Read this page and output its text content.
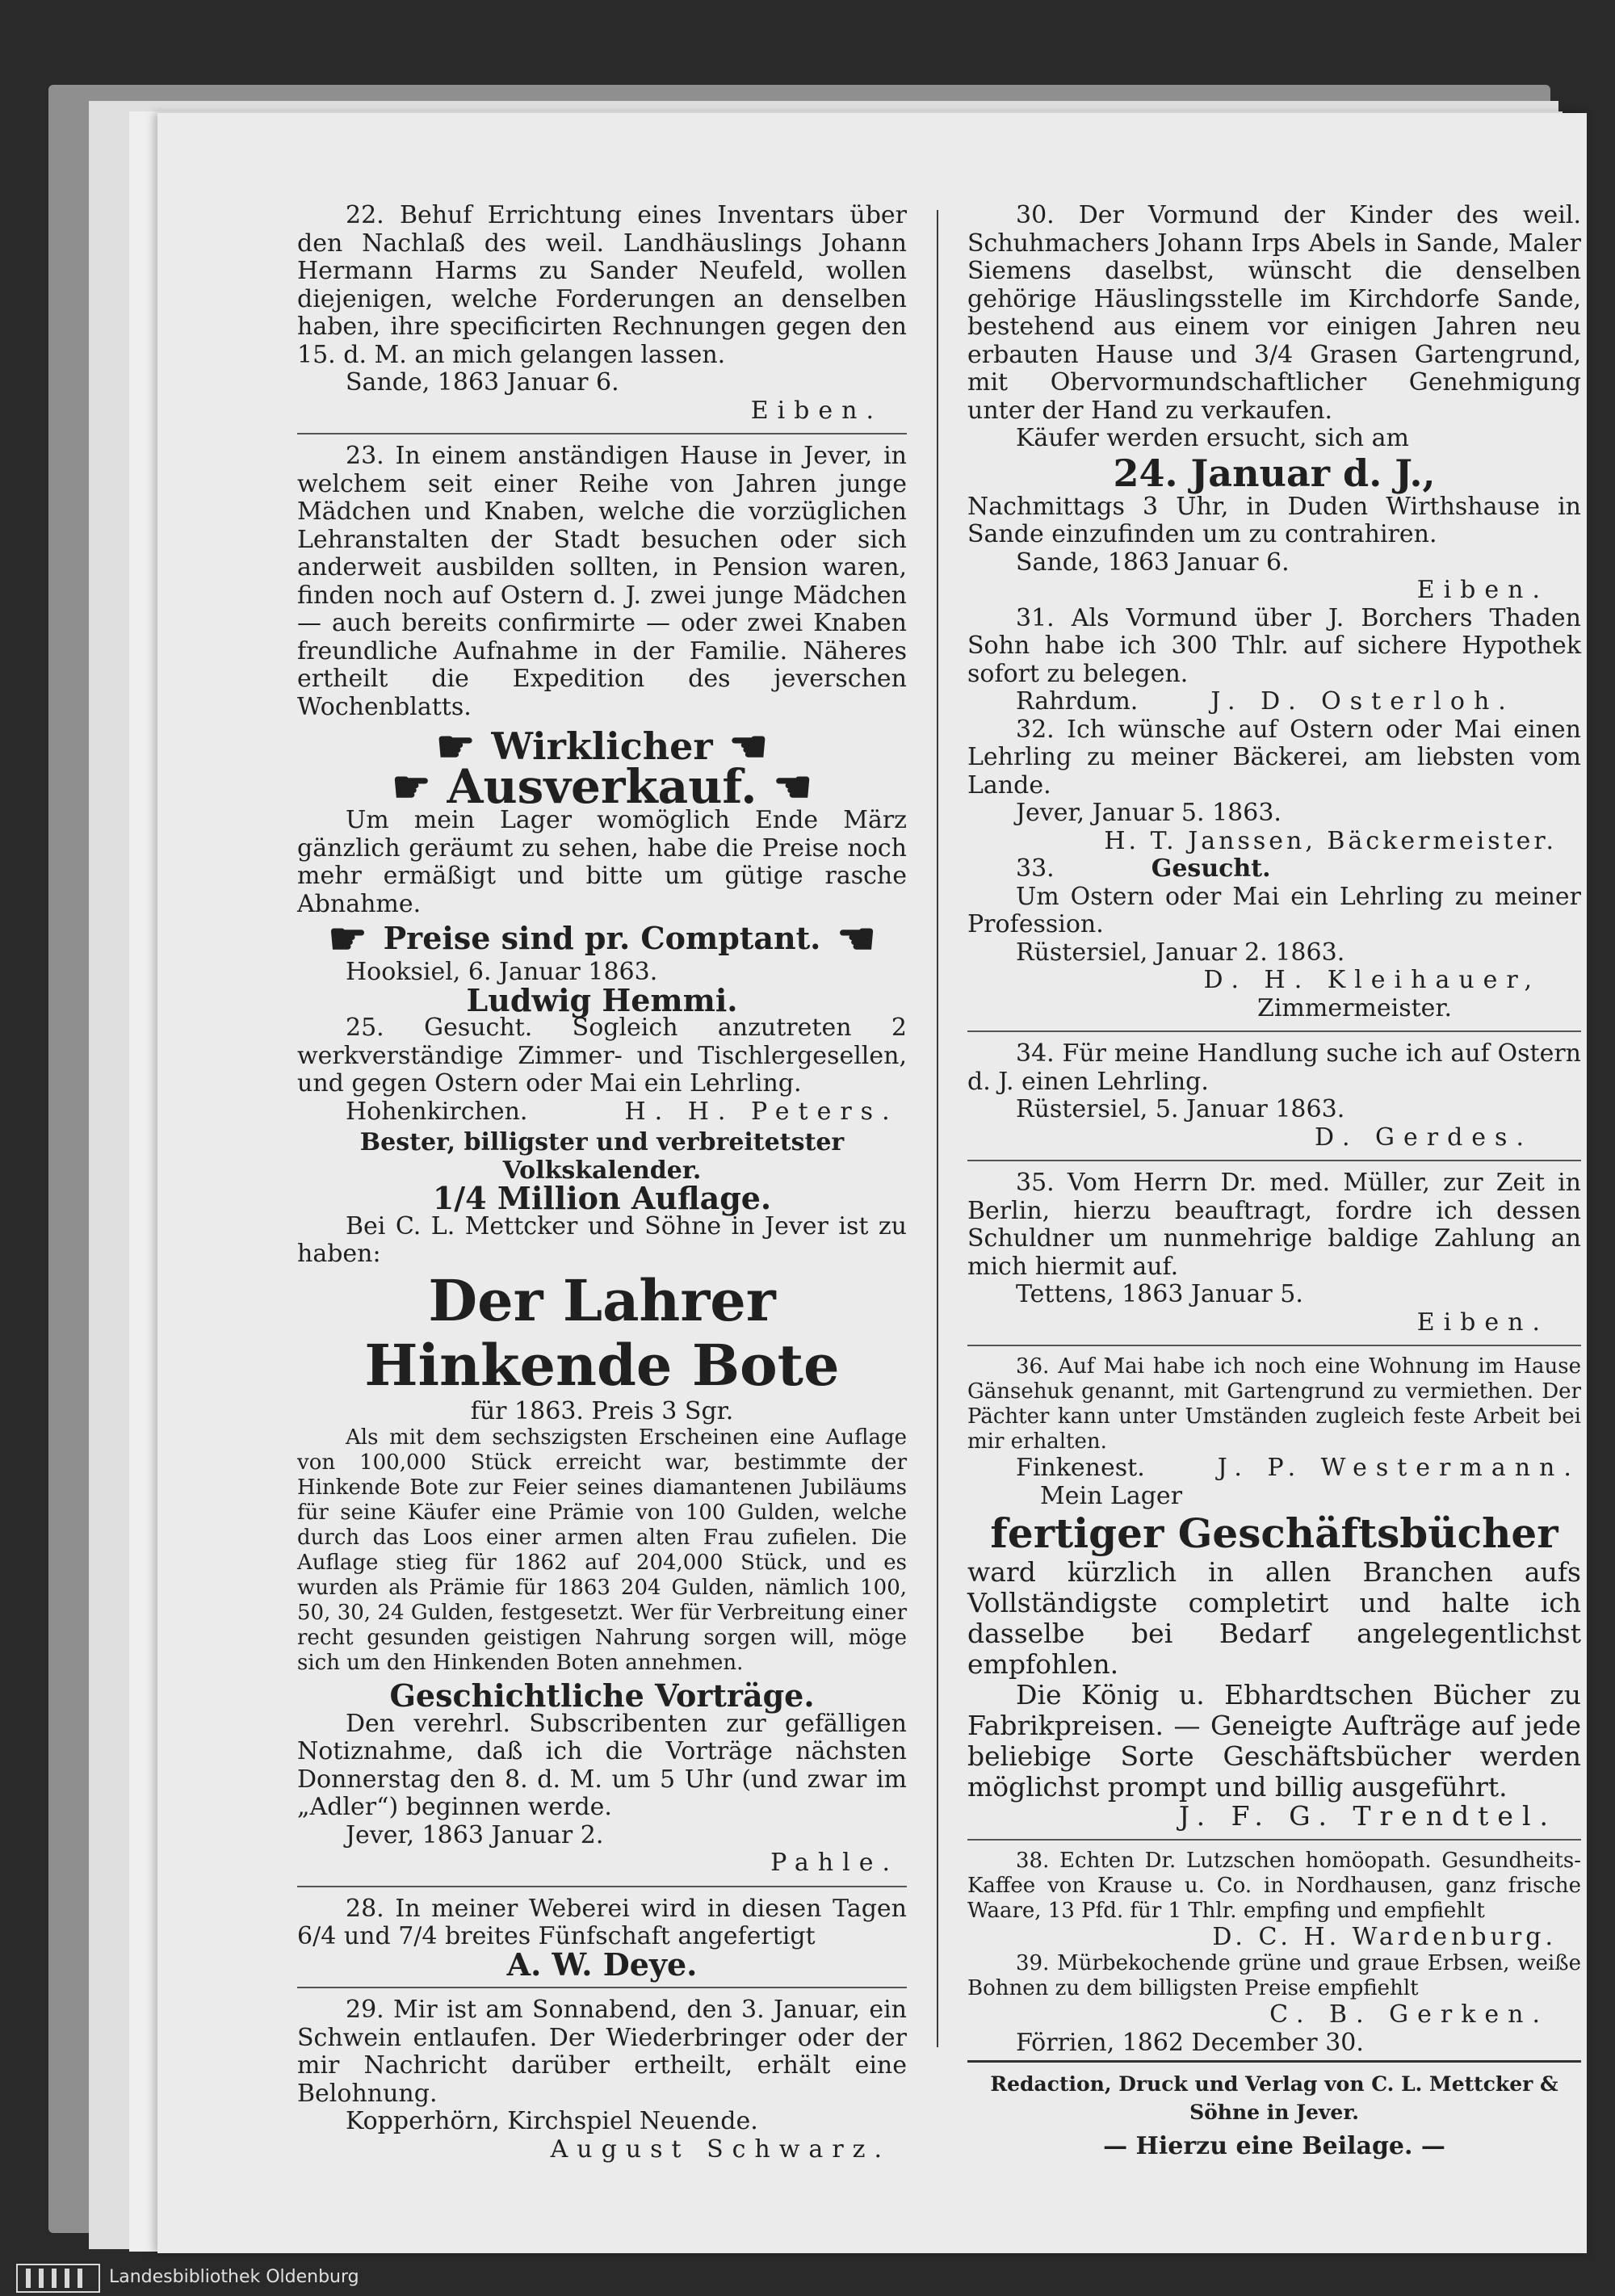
22. Behuf Errichtung eines Inventars über den Nachlaß des weil. Landhäuslings Johann Hermann Harms zu Sander Neufeld, wollen diejenigen, welche Forderungen an denselben haben, ihre specificirten Rechnungen gegen den 15. d. M. an mich gelangen lassen.

Sande, 1863 Januar 6.

Eiben.

23. In einem anständigen Hause in Jever, in welchem seit einer Reihe von Jahren junge Mädchen und Knaben, welche die vorzüglichen Lehranstalten der Stadt besuchen oder sich anderweit ausbilden sollten, in Pension waren, finden noch auf Ostern d. J. zwei junge Mädchen — auch bereits confirmirte — oder zwei Knaben freundliche Aufnahme in der Familie. Näheres ertheilt die Expedition des jeverschen Wochenblatts.

☛ Wirklicher ☚
☛ Ausverkauf. ☚

Um mein Lager womöglich Ende März gänzlich geräumt zu sehen, habe die Preise noch mehr ermäßigt und bitte um gütige rasche Abnahme.

☛ Preise sind pr. Comptant. ☚

Hooksiel, 6. Januar 1863.

Ludwig Hemmi.

25. Gesucht. Sogleich anzutreten 2 werkverständige Zimmer- und Tischlergesellen, und gegen Ostern oder Mai ein Lehrling.

Hohenkirchen.	H. H. Peters.

Bester, billigster und verbreitetster Volkskalender.

1/4 Million Auflage.

Bei C. L. Mettcker und Söhne in Jever ist zu haben:

Der Lahrer Hinkende Bote

für 1863. Preis 3 Sgr.

Als mit dem sechszigsten Erscheinen eine Auflage von 100,000 Stück erreicht war, bestimmte der Hinkende Bote zur Feier seines diamantenen Jubiläums für seine Käufer eine Prämie von 100 Gulden, welche durch das Loos einer armen alten Frau zufielen. Die Auflage stieg für 1862 auf 204,000 Stück, und es wurden als Prämie für 1863 204 Gulden, nämlich 100, 50, 30, 24 Gulden, festgesetzt. Wer für Verbreitung einer recht gesunden geistigen Nahrung sorgen will, möge sich um den Hinkenden Boten annehmen.

Geschichtliche Vorträge.

Den verehrl. Subscribenten zur gefälligen Notiznahme, daß ich die Vorträge nächsten Donnerstag den 8. d. M. um 5 Uhr (und zwar im „Adler“) beginnen werde.

Jever, 1863 Januar 2.

Pahle.

28. In meiner Weberei wird in diesen Tagen 6/4 und 7/4 breites Fünfschaft angefertigt

A. W. Deye.

29. Mir ist am Sonnabend, den 3. Januar, ein Schwein entlaufen. Der Wiederbringer oder der mir Nachricht darüber ertheilt, erhält eine Belohnung.

Kopperhörn, Kirchspiel Neuende.

August Schwarz.

30. Der Vormund der Kinder des weil. Schuhmachers Johann Irps Abels in Sande, Maler Siemens daselbst, wünscht die denselben gehörige Häuslingsstelle im Kirchdorfe Sande, bestehend aus einem vor einigen Jahren neu erbauten Hause und 3/4 Grasen Gartengrund, mit Obervormundschaftlicher Genehmigung unter der Hand zu verkaufen.

Käufer werden ersucht, sich am

24. Januar d. J.,

Nachmittags 3 Uhr, in Duden Wirthshause in Sande einzufinden um zu contrahiren.

Sande, 1863 Januar 6.

Eiben.

31. Als Vormund über J. Borchers Thaden Sohn habe ich 300 Thlr. auf sichere Hypothek sofort zu belegen.

Rahrdum.	J. D. Osterloh.

32. Ich wünsche auf Ostern oder Mai einen Lehrling zu meiner Bäckerei, am liebsten vom Lande.

Jever, Januar 5. 1863.

H. T. Janssen, Bäckermeister.

33.	Gesucht.

Um Ostern oder Mai ein Lehrling zu meiner Profession.

Rüstersiel, Januar 2. 1863.

D. H. Kleihauer,

Zimmermeister.

34. Für meine Handlung suche ich auf Ostern d. J. einen Lehrling.

Rüstersiel, 5. Januar 1863.

D. Gerdes.

35. Vom Herrn Dr. med. Müller, zur Zeit in Berlin, hierzu beauftragt, fordre ich dessen Schuldner um nunmehrige baldige Zahlung an mich hiermit auf.

Tettens, 1863 Januar 5.

Eiben.

36. Auf Mai habe ich noch eine Wohnung im Hause Gänsehuk genannt, mit Gartengrund zu vermiethen. Der Pächter kann unter Umständen zugleich feste Arbeit bei mir erhalten.

Finkenest.	J. P. Westermann.

Mein Lager

fertiger Geschäftsbücher

ward kürzlich in allen Branchen aufs Vollständigste completirt und halte ich dasselbe bei Bedarf angelegentlichst empfohlen.

Die König u. Ebhardtschen Bücher zu Fabrikpreisen. — Geneigte Aufträge auf jede beliebige Sorte Geschäftsbücher werden möglichst prompt und billig ausgeführt.

J. F. G. Trendtel.

38. Echten Dr. Lutzschen homöopath. Gesundheits-Kaffee von Krause u. Co. in Nordhausen, ganz frische Waare, 13 Pfd. für 1 Thlr. empfing und empfiehlt

D. C. H. Wardenburg.

39. Mürbekochende grüne und graue Erbsen, weiße Bohnen zu dem billigsten Preise empfiehlt

C. B. Gerken.

Förrien, 1862 December 30.

Redaction, Druck und Verlag von C. L. Mettcker & Söhne in Jever.

— Hierzu eine Beilage. —

Landesbibliothek Oldenburg
